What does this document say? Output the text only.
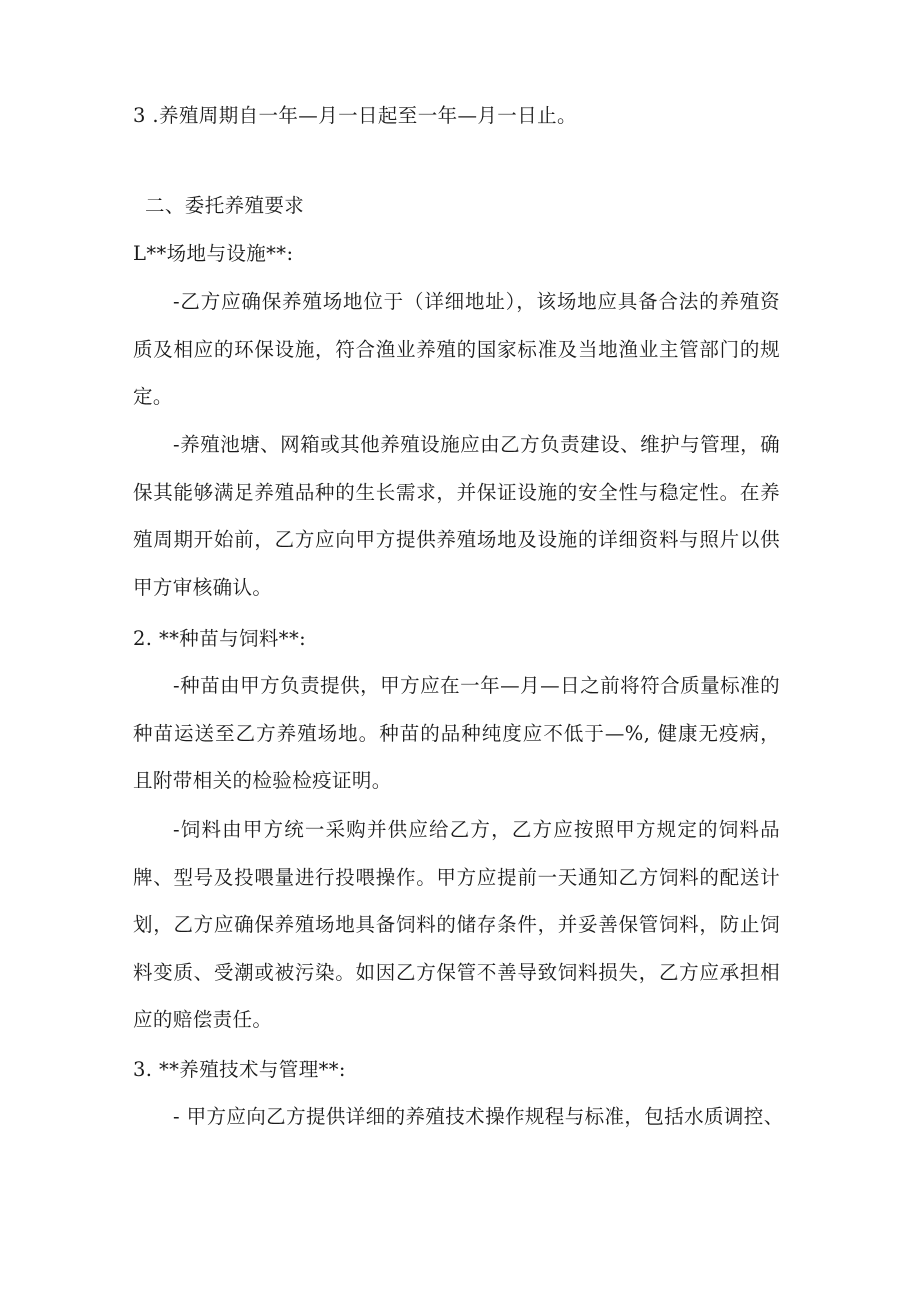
3 .养殖周期自一年—月一日起至一年—月一日止。
二、委托养殖要求
L**场地与设施**:
-乙方应确保养殖场地位于（详细地址），该场地应具备合法的养殖资质及相应的环保设施，符合渔业养殖的国家标准及当地渔业主管部门的规定。
-养殖池塘、网箱或其他养殖设施应由乙方负责建设、维护与管理，确保其能够满足养殖品种的生长需求，并保证设施的安全性与稳定性。在养殖周期开始前，乙方应向甲方提供养殖场地及设施的详细资料与照片以供甲方审核确认。
2. **种苗与饲料**:
-种苗由甲方负责提供，甲方应在一年—月—日之前将符合质量标准的种苗运送至乙方养殖场地。种苗的品种纯度应不低于—%, 健康无疫病，且附带相关的检验检疫证明。
-饲料由甲方统一采购并供应给乙方，乙方应按照甲方规定的饲料品牌、型号及投喂量进行投喂操作。甲方应提前一天通知乙方饲料的配送计划，乙方应确保养殖场地具备饲料的储存条件，并妥善保管饲料，防止饲料变质、受潮或被污染。如因乙方保管不善导致饲料损失，乙方应承担相应的赔偿责任。
3. **养殖技术与管理**:
- 甲方应向乙方提供详细的养殖技术操作规程与标准，包括水质调控、
